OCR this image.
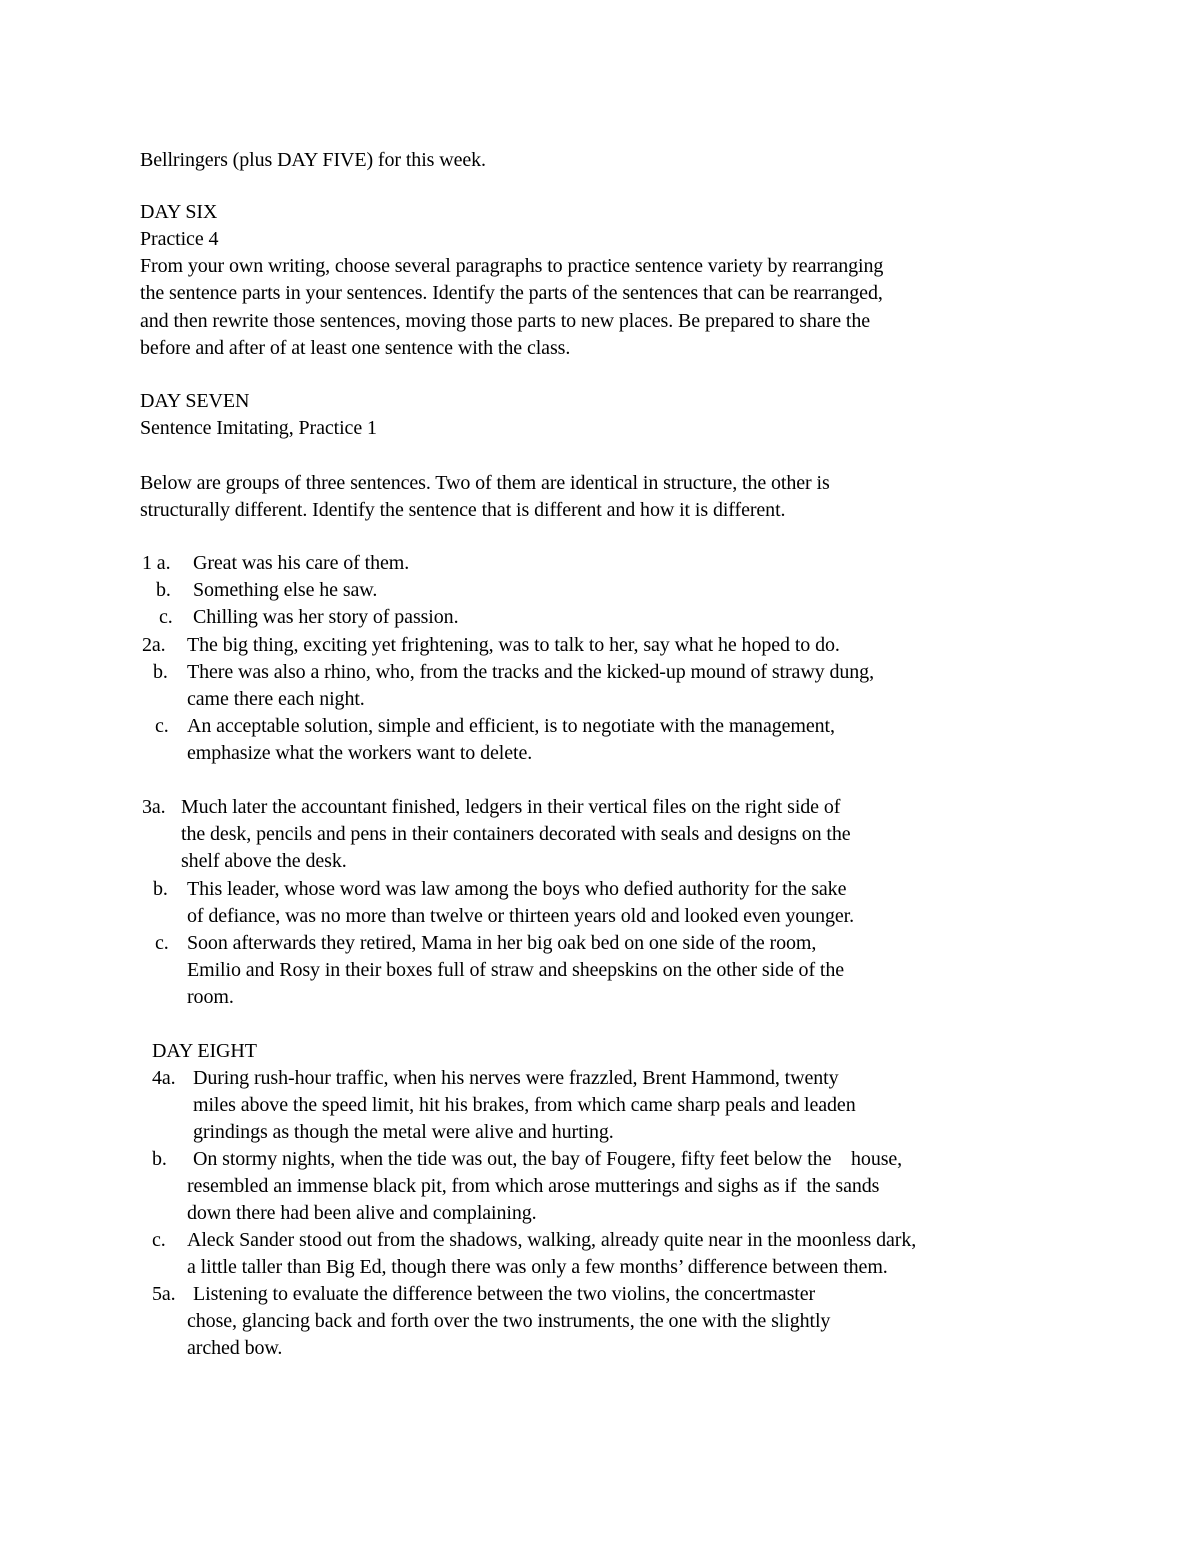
Bellringers (plus DAY FIVE) for this week.
DAY SIX
Practice 4
From your own writing, choose several paragraphs to practice sentence variety by rearranging
the sentence parts in your sentences. Identify the parts of the sentences that can be rearranged,
and then rewrite those sentences, moving those parts to new places. Be prepared to share the
before and after of at least one sentence with the class.
DAY SEVEN
Sentence Imitating, Practice 1
Below are groups of three sentences. Two of them are identical in structure, the other is
structurally different. Identify the sentence that is different and how it is different.
1 a. Great was his care of them.
b. Something else he saw.
c. Chilling was her story of passion.
2a. The big thing, exciting yet frightening, was to talk to her, say what he hoped to do.
b. There was also a rhino, who, from the tracks and the kicked-up mound of strawy dung,
came there each night.
c. An acceptable solution, simple and efficient, is to negotiate with the management,
emphasize what the workers want to delete.
3a. Much later the accountant finished, ledgers in their vertical files on the right side of
the desk, pencils and pens in their containers decorated with seals and designs on the
shelf above the desk.
b. This leader, whose word was law among the boys who defied authority for the sake
of defiance, was no more than twelve or thirteen years old and looked even younger.
c. Soon afterwards they retired, Mama in her big oak bed on one side of the room,
Emilio and Rosy in their boxes full of straw and sheepskins on the other side of the
room.
DAY EIGHT
4a. During rush-hour traffic, when his nerves were frazzled, Brent Hammond, twenty
miles above the speed limit, hit his brakes, from which came sharp peals and leaden
grindings as though the metal were alive and hurting.
b. On stormy nights, when the tide was out, the bay of Fougere, fifty feet below the    house,
resembled an immense black pit, from which arose mutterings and sighs as if  the sands
down there had been alive and complaining.
c. Aleck Sander stood out from the shadows, walking, already quite near in the moonless dark,
a little taller than Big Ed, though there was only a few months’ difference between them.
5a. Listening to evaluate the difference between the two violins, the concertmaster
chose, glancing back and forth over the two instruments, the one with the slightly
arched bow.
